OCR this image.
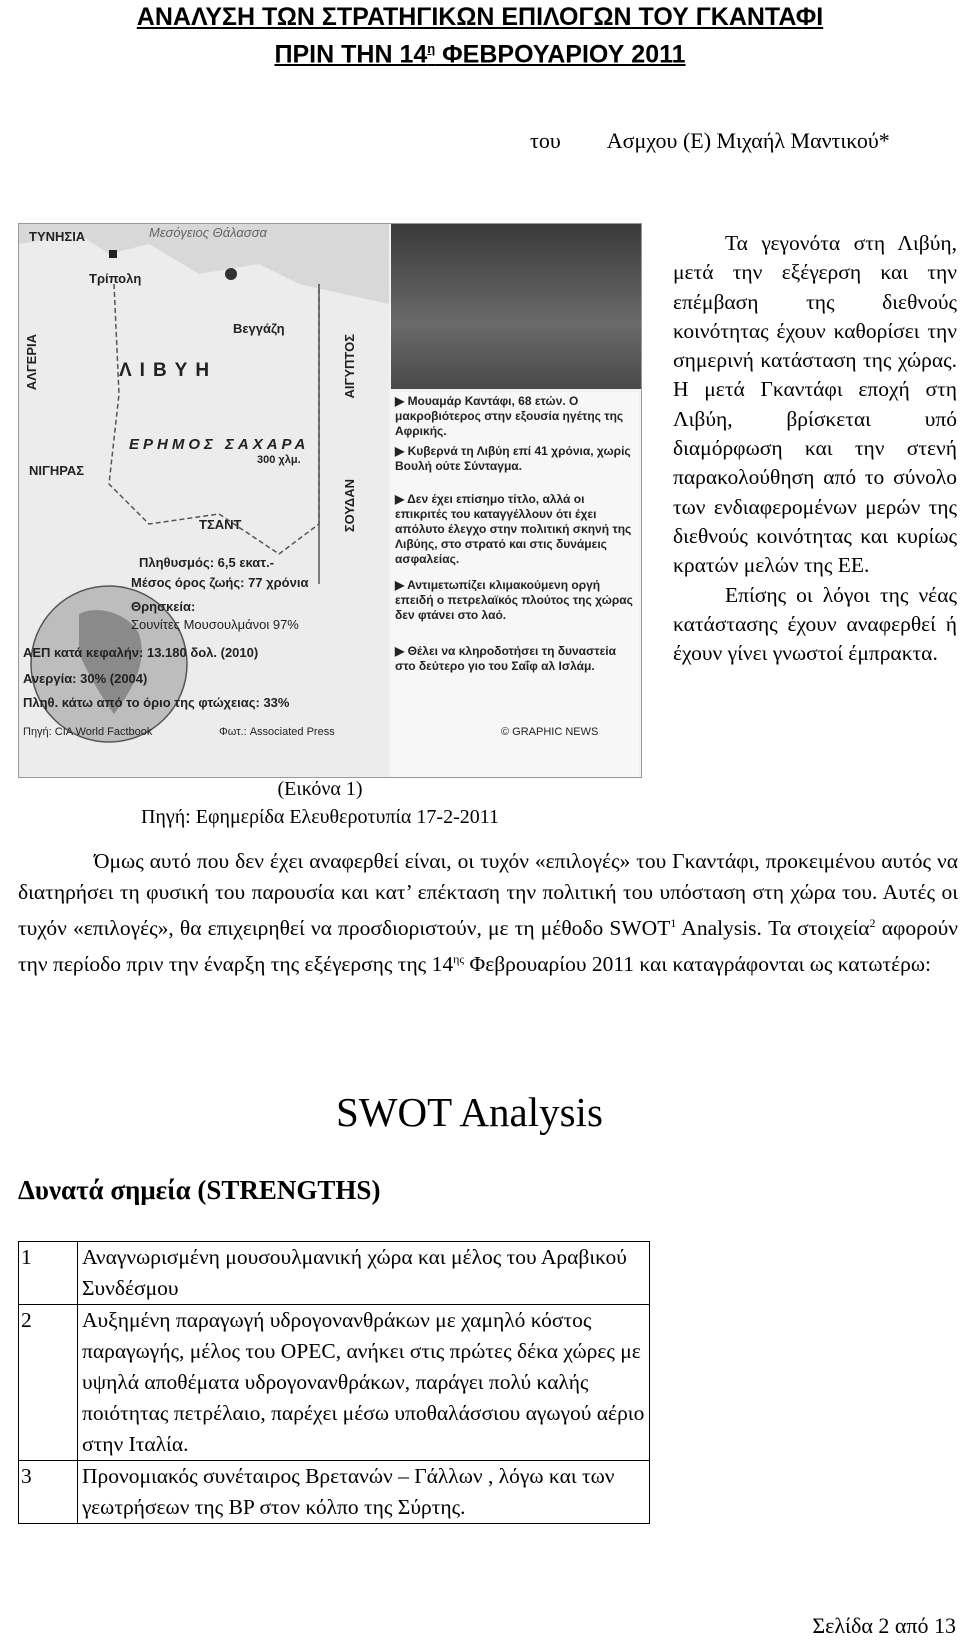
ΑΝΑΛΥΣΗ ΤΩΝ ΣΤΡΑΤΗΓΙΚΩΝ ΕΠΙΛΟΓΩΝ ΤΟΥ ΓΚΑΝΤΑΦΙ
ΠΡΙΝ ΤΗΝ $14^\eta$ ΦΕΒΡΟΥΑΡΙΟΥ 2011
του Ασμχου (Ε) Μιχαήλ Μαντικού*
ΤΥΝΗΣΙΑ	Μεσόγειος Θάλασσα
Τρίπολη
Βεγγάζη
ΛΙΒΥΗ
ΕΡΗΜΟΣ ΣΑΧΑΡΑ
ΑΛΓΕΡΙΑ	ΑΙΓΥΠΤΟΣ
ΝΙΓΗΡΑΣ
ΤΣΑΝΤ	ΣΟΥΔΑΝ
300 χλμ.
Πληθυσμός: 6,5 εκατ.-
Μέσος όρος ζωής: 77 χρόνια
Θρησκεία:
Σουνίτες Μουσουλμάνοι 97%
ΑΕΠ κατά κεφαλήν: 13.180 δολ. (2010)
Ανεργία: 30% (2004)
Πληθ. κάτω από το όριο της φτώχειας: 33%
Πηγή: CIA World Factbook	Φωτ.: Associated Press
▶ Μουαμάρ Καντάφι, 68 ετών. Ο μακροβιότερος στην εξουσία ηγέτης της Αφρικής.
▶ Κυβερνά τη Λιβύη επί 41 χρόνια, χωρίς Βουλή ούτε Σύνταγμα.
▶ Δεν έχει επίσημο τίτλο, αλλά οι επικριτές του καταγγέλλουν ότι έχει απόλυτο έλεγχο στην πολιτική σκηνή της Λιβύης, στο στρατό και στις δυνάμεις ασφαλείας.
▶ Αντιμετωπίζει κλιμακούμενη οργή επειδή ο πετρελαϊκός πλούτος της χώρας δεν φτάνει στο λαό.
▶ Θέλει να κληροδοτήσει τη δυναστεία στο δεύτερο γιο του Σαΐφ αλ Ισλάμ.
© GRAPHIC NEWS
(Εικόνα 1)
Πηγή: Εφημερίδα Ελευθεροτυπία 17-2-2011

Τα γεγονότα στη Λιβύη, μετά την εξέγερση και την επέμβαση της διεθνούς κοινότητας έχουν καθορίσει την σημερινή κατάσταση της χώρας. Η μετά Γκαντάφι εποχή στη Λιβύη, βρίσκεται υπό διαμόρφωση και την στενή παρακολούθηση από το σύνολο των ενδιαφερομένων μερών της διεθνούς κοινότητας και κυρίως κρατών μελών της ΕΕ.

Επίσης οι λόγοι της νέας κατάστασης έχουν αναφερθεί ή έχουν γίνει γνωστοί έμπρακτα.

Όμως αυτό που δεν έχει αναφερθεί είναι, οι τυχόν «επιλογές» του Γκαντάφι, προκειμένου αυτός να διατηρήσει τη φυσική του παρουσία και κατ’ επέκταση την πολιτική του υπόσταση στη χώρα του. Αυτές οι τυχόν «επιλογές», θα επιχειρηθεί να προσδιοριστούν, με τη μέθοδο SWOT$^1$ Analysis. Τα στοιχεία$^2$ αφορούν την περίοδο πριν την έναρξη της εξέγερσης της $14^{\eta\varsigma}$ Φεβρουαρίου 2011 και καταγράφονται ως κατωτέρω:

SWOT Analysis
Δυνατά σημεία (STRENGTHS)
1	Αναγνωρισμένη μουσουλμανική χώρα και μέλος του Αραβικού Συνδέσμου
2	Αυξημένη παραγωγή υδρογονανθράκων με χαμηλό κόστος παραγωγής, μέλος του OPEC, ανήκει στις πρώτες δέκα χώρες με υψηλά αποθέματα υδρογονανθράκων, παράγει πολύ καλής ποιότητας πετρέλαιο, παρέχει μέσω υποθαλάσσιου αγωγού αέριο στην Ιταλία.
3	Προνομιακός συνέταιρος Βρετανών – Γάλλων , λόγω και των γεωτρήσεων της BP στον κόλπο της Σύρτης.
Σελίδα 2 από 13
